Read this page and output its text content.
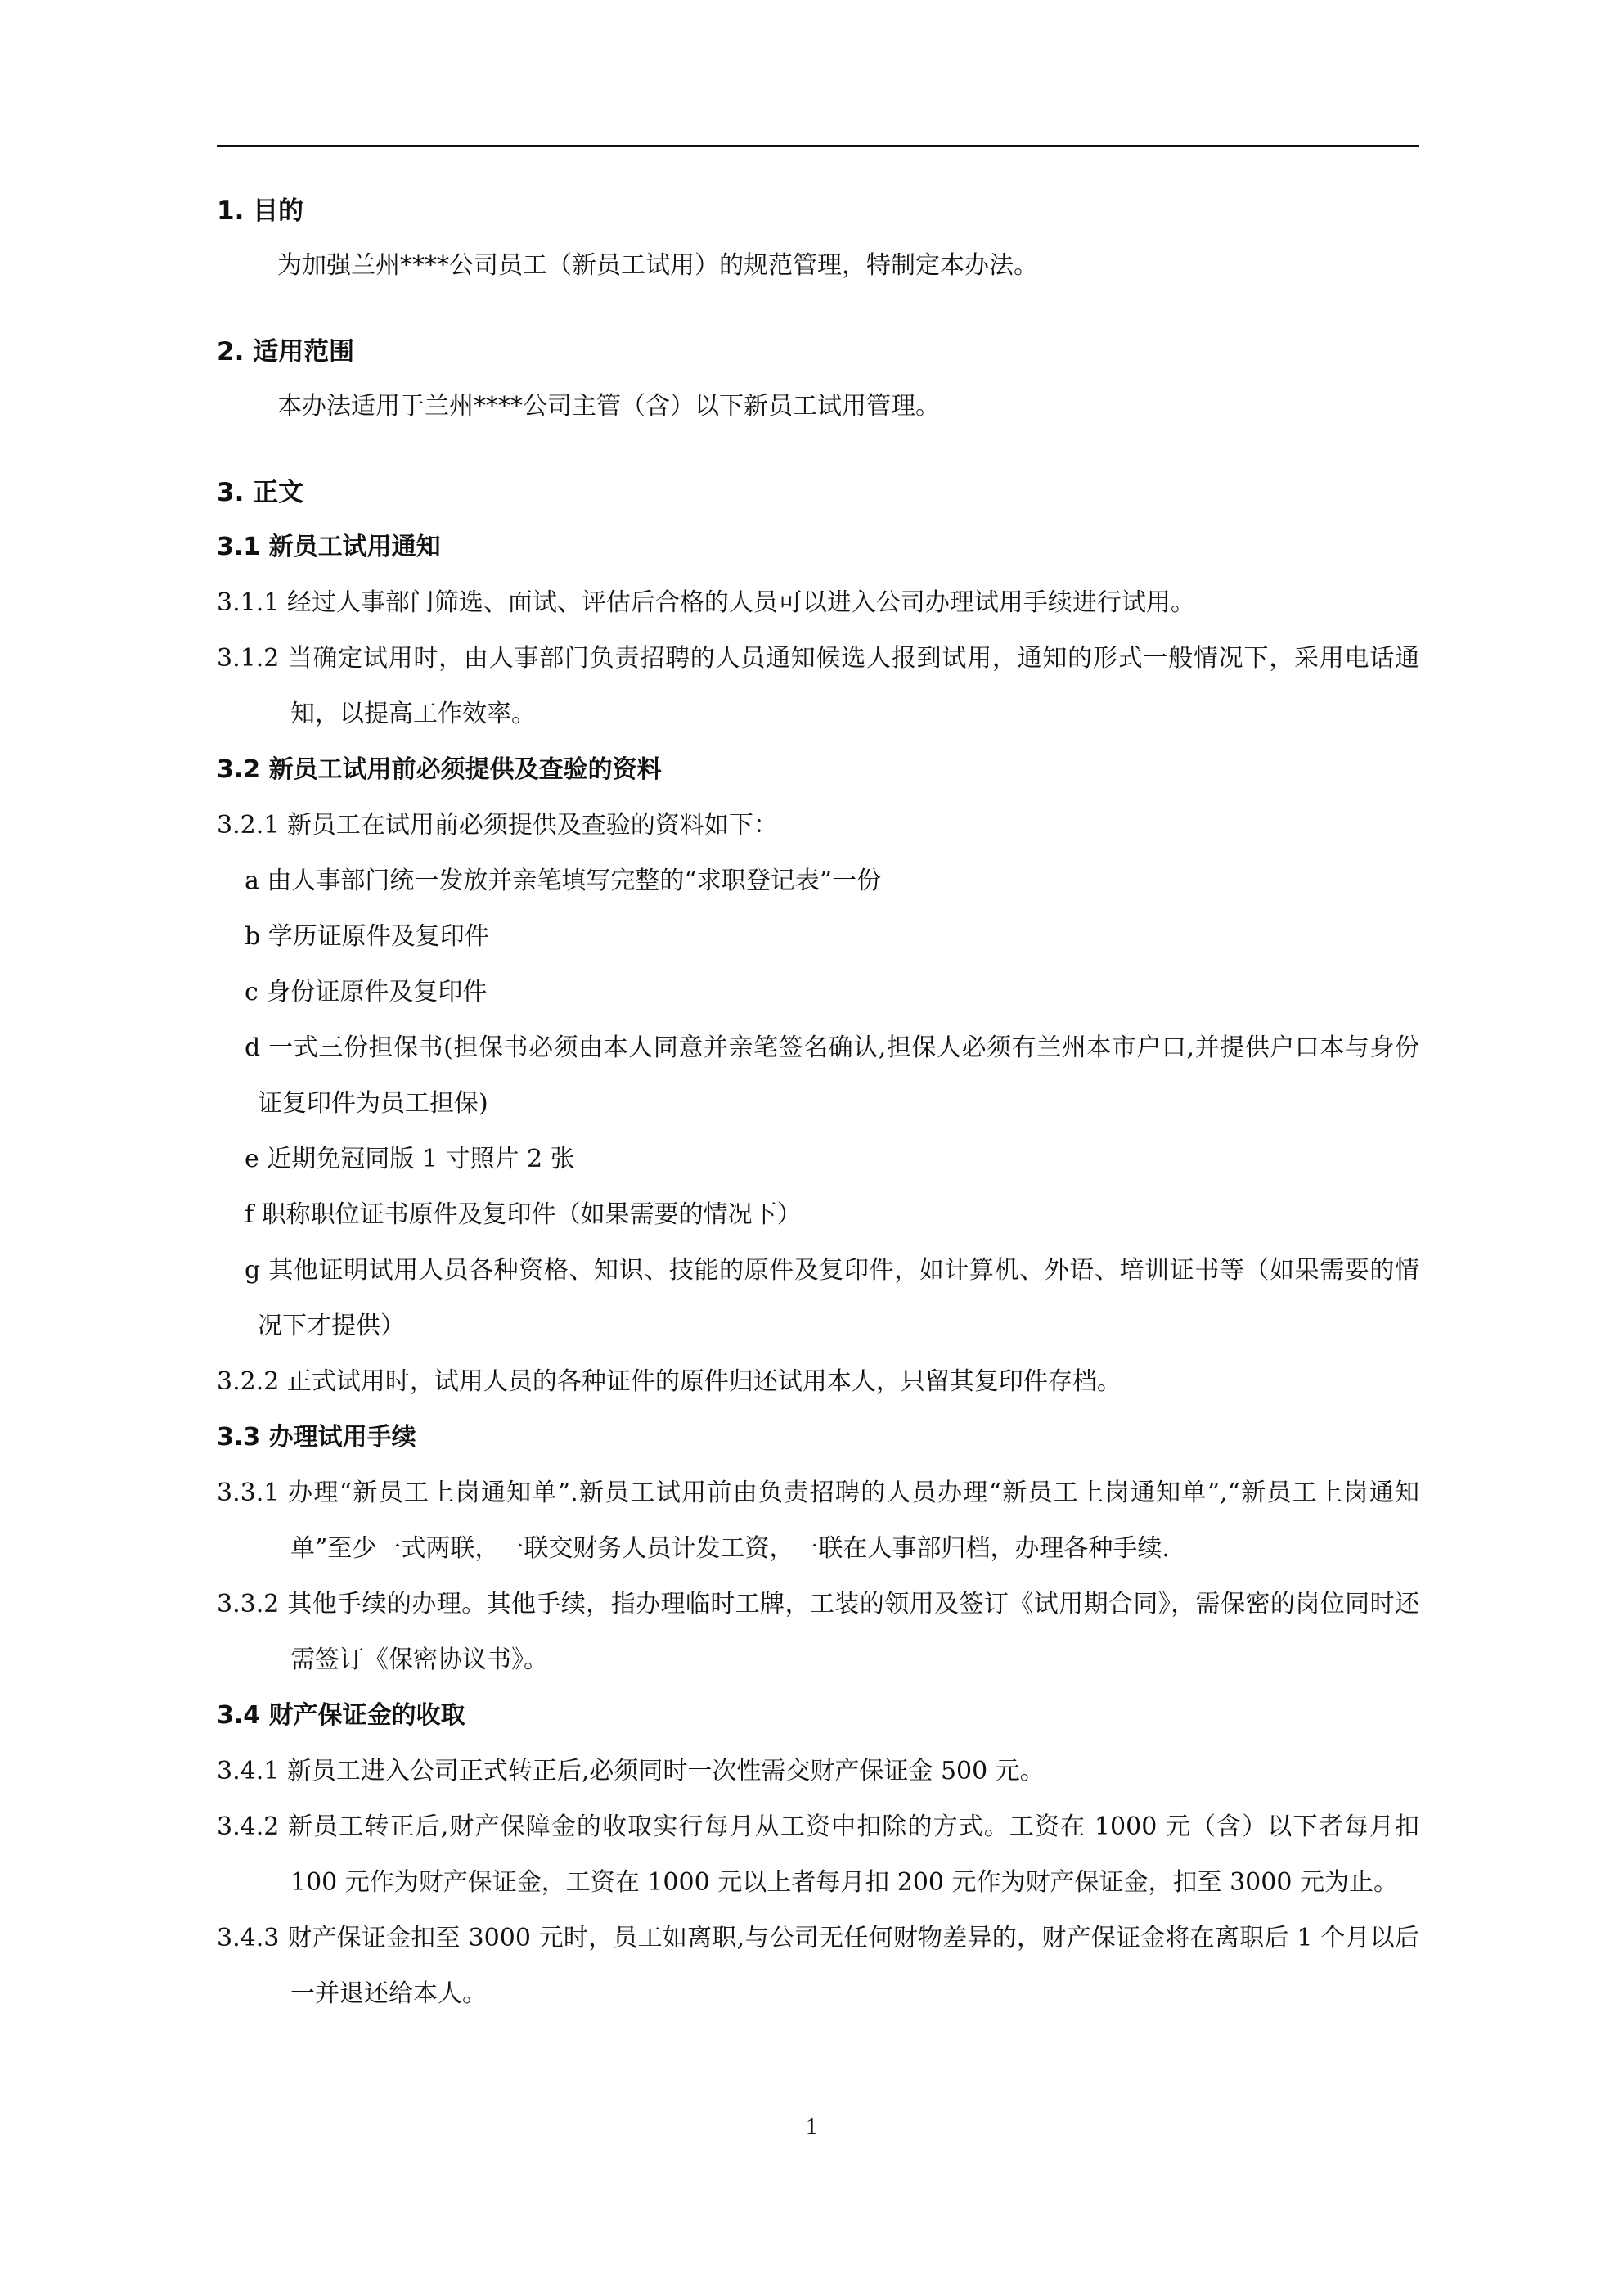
1. 目的
为加强兰州****公司员工（新员工试用）的规范管理，特制定本办法。
2. 适用范围
本办法适用于兰州****公司主管（含）以下新员工试用管理。
3. 正文
3.1 新员工试用通知
3.1.1 经过人事部门筛选、面试、评估后合格的人员可以进入公司办理试用手续进行试用。
3.1.2 当确定试用时，由人事部门负责招聘的人员通知候选人报到试用，通知的形式一般情况下，采用电话通知，以提高工作效率。
3.2 新员工试用前必须提供及查验的资料
3.2.1 新员工在试用前必须提供及查验的资料如下：
a 由人事部门统一发放并亲笔填写完整的“求职登记表”一份
b 学历证原件及复印件
c 身份证原件及复印件
d 一式三份担保书(担保书必须由本人同意并亲笔签名确认,担保人必须有兰州本市户口,并提供户口本与身份证复印件为员工担保)
e 近期免冠同版 1 寸照片 2 张
f 职称职位证书原件及复印件（如果需要的情况下）
g 其他证明试用人员各种资格、知识、技能的原件及复印件，如计算机、外语、培训证书等（如果需要的情况下才提供）
3.2.2 正式试用时，试用人员的各种证件的原件归还试用本人，只留其复印件存档。
3.3 办理试用手续
3.3.1 办理“新员工上岗通知单”.新员工试用前由负责招聘的人员办理“新员工上岗通知单”,“新员工上岗通知单”至少一式两联，一联交财务人员计发工资，一联在人事部归档，办理各种手续.
3.3.2 其他手续的办理。其他手续，指办理临时工牌，工装的领用及签订《试用期合同》，需保密的岗位同时还需签订《保密协议书》。
3.4 财产保证金的收取
3.4.1 新员工进入公司正式转正后,必须同时一次性需交财产保证金 500 元。
3.4.2 新员工转正后,财产保障金的收取实行每月从工资中扣除的方式。工资在 1000 元（含）以下者每月扣 100 元作为财产保证金，工资在 1000 元以上者每月扣 200 元作为财产保证金，扣至 3000 元为止。
3.4.3 财产保证金扣至 3000 元时，员工如离职,与公司无任何财物差异的，财产保证金将在离职后 1 个月以后一并退还给本人。
1
